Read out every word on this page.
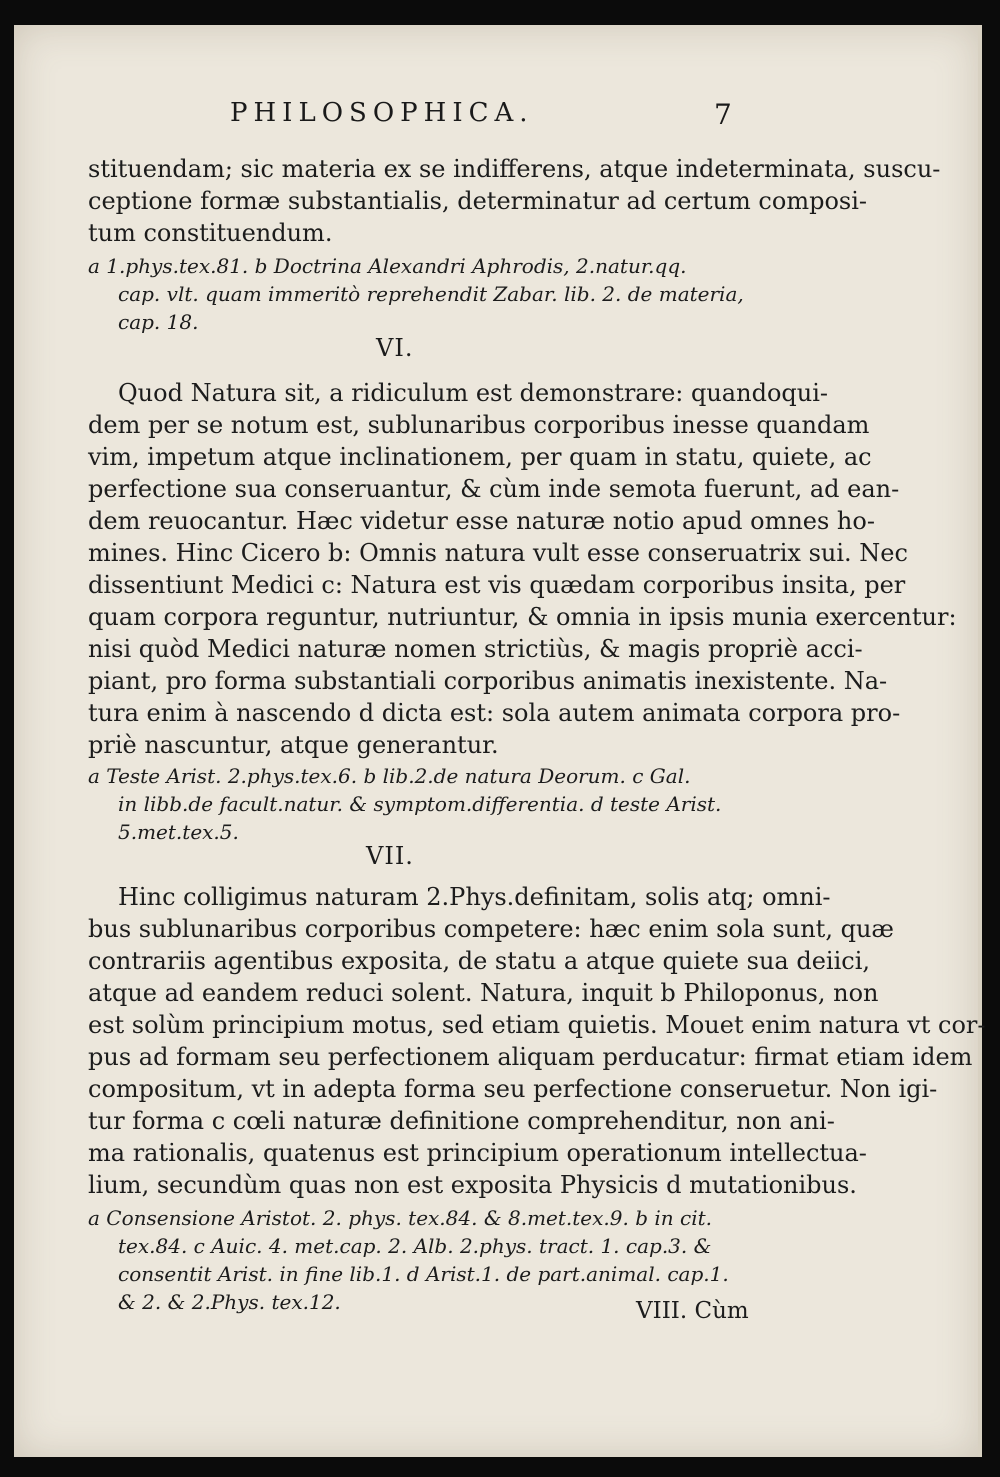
PHILOSOPHICA.	7
stituendam; sic materia ex se indifferens, atque indeterminata, suscu-
ceptione formæ substantialis, determinatur ad certum composi-
tum constituendum.
a 1.phys.tex.81. b Doctrina Alexandri Aphrodis, 2.natur.qq.
cap. vlt. quam immeritò reprehendit Zabar. lib. 2. de materia,
cap. 18.
VI.
Quod Natura sit, a ridiculum est demonstrare: quandoqui-
dem per se notum est, sublunaribus corporibus inesse quandam
vim, impetum atque inclinationem, per quam in statu, quiete, ac
perfectione sua conseruantur, & cùm inde semota fuerunt, ad ean-
dem reuocantur. Hæc videtur esse naturæ notio apud omnes ho-
mines. Hinc Cicero b: Omnis natura vult esse conseruatrix sui. Nec
dissentiunt Medici c: Natura est vis quædam corporibus insita, per
quam corpora reguntur, nutriuntur, & omnia in ipsis munia exercentur:
nisi quòd Medici naturæ nomen strictiùs, & magis propriè acci-
piant, pro forma substantiali corporibus animatis inexistente. Na-
tura enim à nascendo d dicta est: sola autem animata corpora pro-
priè nascuntur, atque generantur.
a Teste Arist. 2.phys.tex.6. b lib.2.de natura Deorum. c Gal.
in libb.de facult.natur. & symptom.differentia. d teste Arist.
5.met.tex.5.
VII.
Hinc colligimus naturam 2.Phys.definitam, solis atq; omni-
bus sublunaribus corporibus competere: hæc enim sola sunt, quæ
contrariis agentibus exposita, de statu a atque quiete sua deiici,
atque ad eandem reduci solent. Natura, inquit b Philoponus, non
est solùm principium motus, sed etiam quietis. Mouet enim natura vt cor-
pus ad formam seu perfectionem aliquam perducatur: firmat etiam idem
compositum, vt in adepta forma seu perfectione conseruetur. Non igi-
tur forma c cœli naturæ definitione comprehenditur, non ani-
ma rationalis, quatenus est principium operationum intellectua-
lium, secundùm quas non est exposita Physicis d mutationibus.
a Consensione Aristot. 2. phys. tex.84. & 8.met.tex.9. b in cit.
tex.84. c Auic. 4. met.cap. 2. Alb. 2.phys. tract. 1. cap.3. &
consentit Arist. in fine lib.1. d Arist.1. de part.animal. cap.1.
& 2. & 2.Phys. tex.12.	VIII. Cùm
